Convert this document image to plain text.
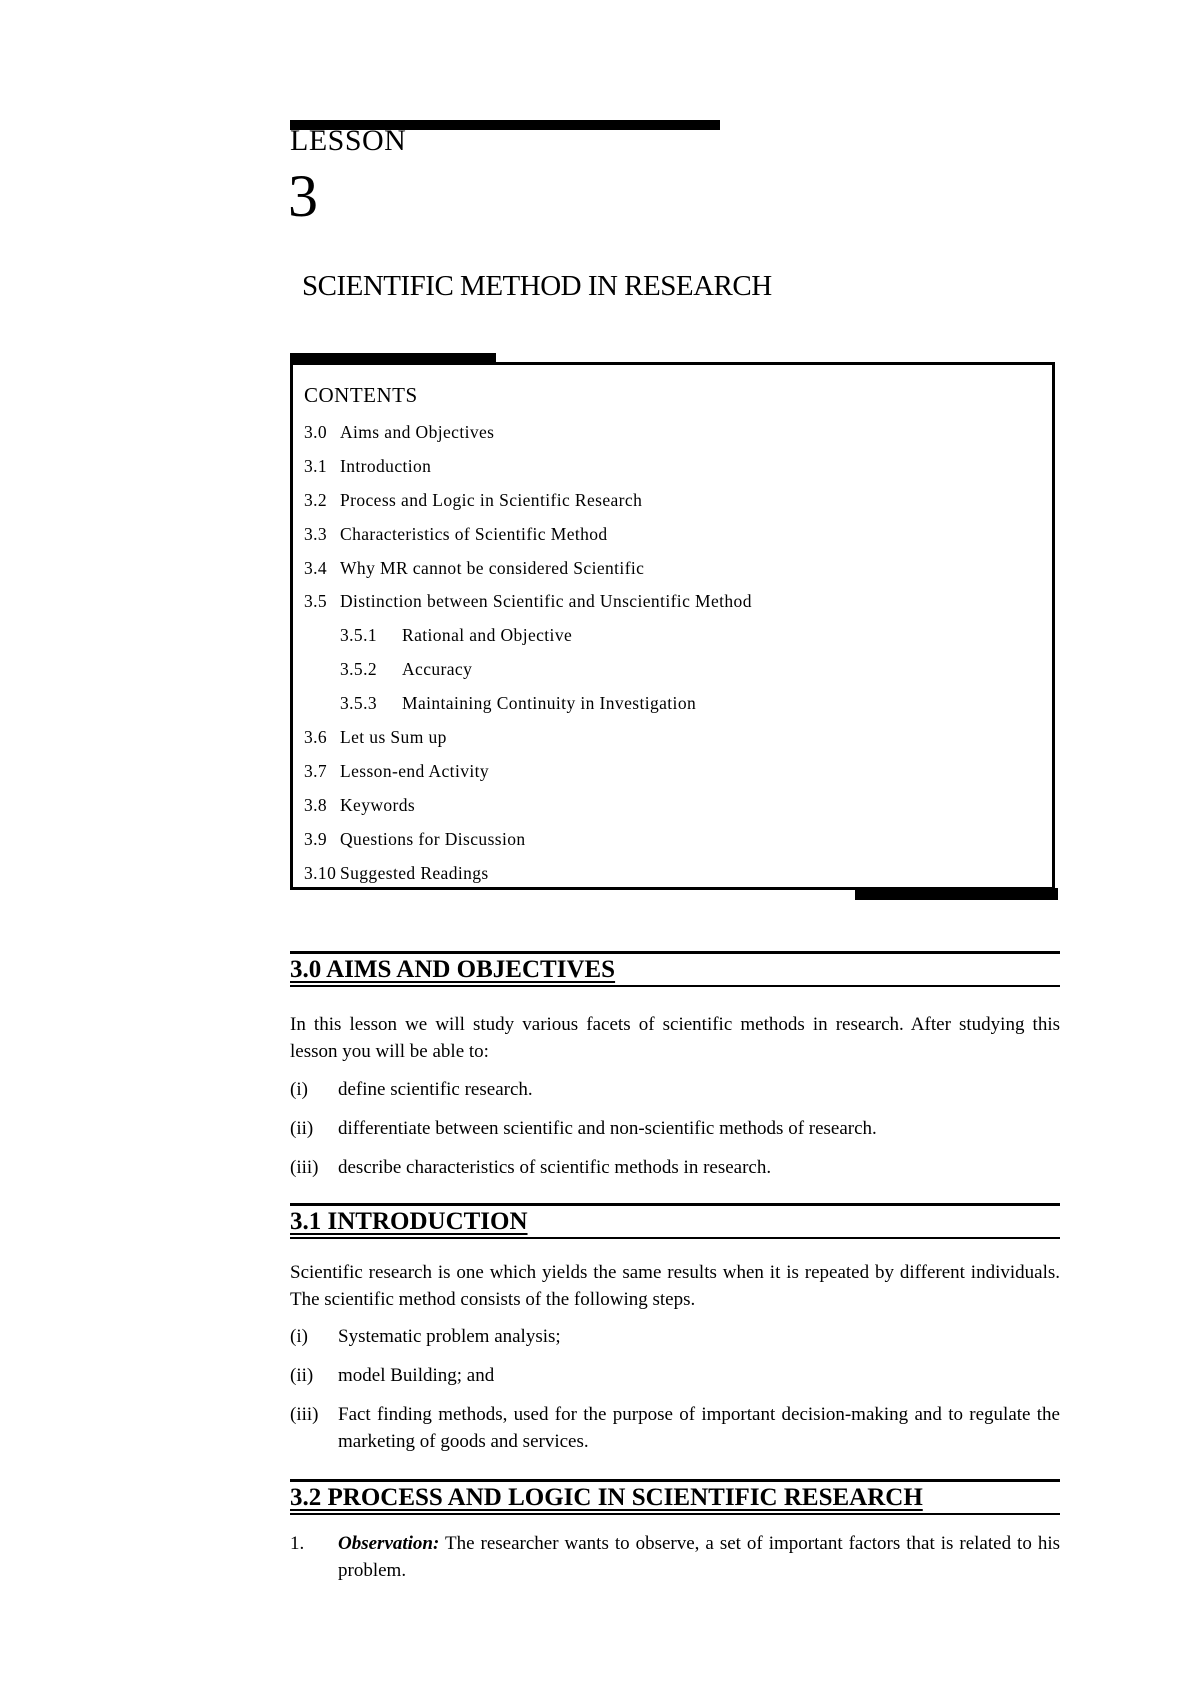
LESSON
3
SCIENTIFIC METHOD IN RESEARCH
CONTENTS
3.0 Aims and Objectives
3.1 Introduction
3.2 Process and Logic in Scientific Research
3.3 Characteristics of Scientific Method
3.4 Why MR cannot be considered Scientific
3.5 Distinction between Scientific and Unscientific Method
3.5.1 Rational and Objective
3.5.2 Accuracy
3.5.3 Maintaining Continuity in Investigation
3.6 Let us Sum up
3.7 Lesson-end Activity
3.8 Keywords
3.9 Questions for Discussion
3.10 Suggested Readings
3.0 AIMS AND OBJECTIVES
In this lesson we will study various facets of scientific methods in research. After studying this lesson you will be able to:
(i)	define scientific research.
(ii)	differentiate between scientific and non-scientific methods of research.
(iii)	describe characteristics of scientific methods in research.
3.1 INTRODUCTION
Scientific research is one which yields the same results when it is repeated by different individuals. The scientific method consists of the following steps.
(i)	Systematic problem analysis;
(ii)	model Building; and
(iii)	Fact finding methods, used for the purpose of important decision-making and to regulate the marketing of goods and services.
3.2 PROCESS AND LOGIC IN SCIENTIFIC RESEARCH
1.	Observation: The researcher wants to observe, a set of important factors that is related to his problem.
